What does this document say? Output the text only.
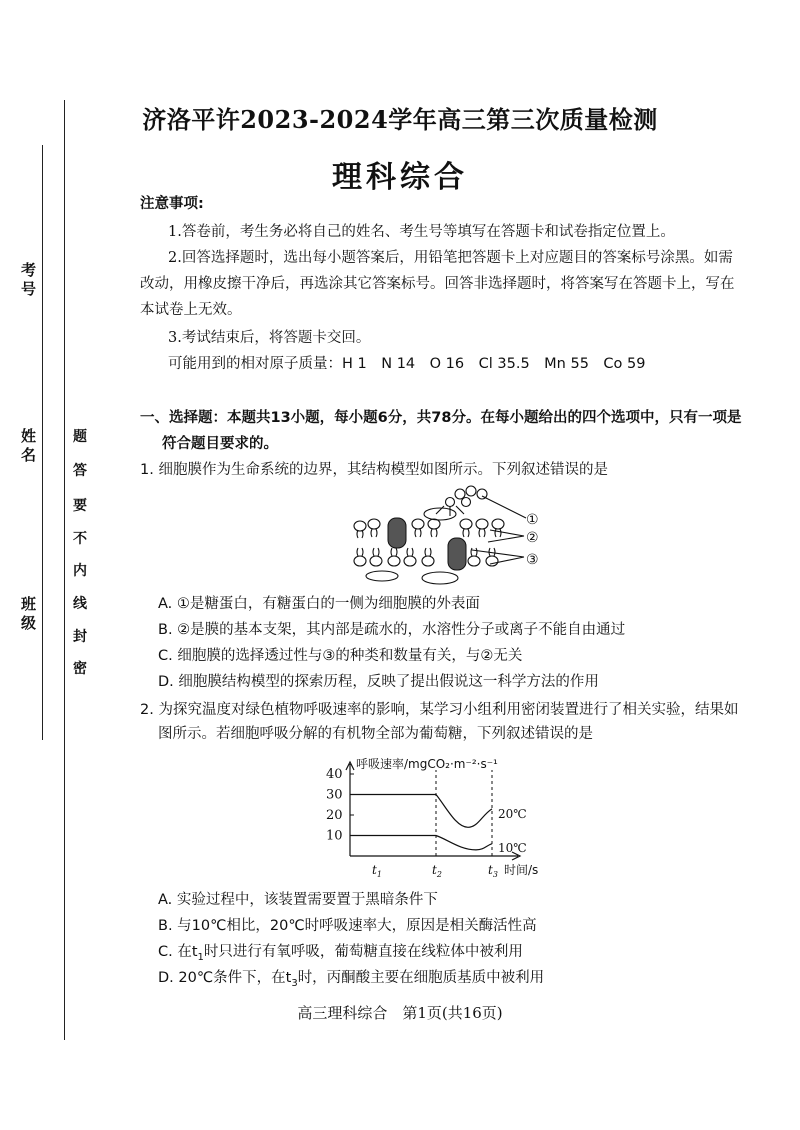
考号
姓名
班级
题
答
要
不
内
线
封
密
济洛平许2023-2024学年高三第三次质量检测
理科综合
注意事项:
1.答卷前，考生务必将自己的姓名、考生号等填写在答题卡和试卷指定位置上。
2.回答选择题时，选出每小题答案后，用铅笔把答题卡上对应题目的答案标号涂黑。如需
改动，用橡皮擦干净后，再选涂其它答案标号。回答非选择题时，将答案写在答题卡上，写在
本试卷上无效。
3.考试结束后，将答题卡交回。
可能用到的相对原子质量：H 1　N 14　O 16　Cl 35.5　Mn 55　Co 59
一、选择题：本题共13小题，每小题6分，共78分。在每小题给出的四个选项中，只有一项是
符合题目要求的。
1. 细胞膜作为生命系统的边界，其结构模型如图所示。下列叙述错误的是
①
②
③
A. ①是糖蛋白，有糖蛋白的一侧为细胞膜的外表面
B. ②是膜的基本支架，其内部是疏水的，水溶性分子或离子不能自由通过
C. 细胞膜的选择透过性与③的种类和数量有关，与②无关
D. 细胞膜结构模型的探索历程，反映了提出假说这一科学方法的作用
2. 为探究温度对绿色植物呼吸速率的影响，某学习小组利用密闭装置进行了相关实验，结果如
图所示。若细胞呼吸分解的有机物全部为葡萄糖，下列叙述错误的是
10
20
30
40
$t_1$	$t_2$	$t_3$
呼吸速率/mgCO₂·m⁻²·s⁻¹
时间/s
20℃
10℃
A. 实验过程中，该装置需要置于黑暗条件下
B. 与10℃相比，20℃时呼吸速率大，原因是相关酶活性高
C. 在$t_1$时只进行有氧呼吸，葡萄糖直接在线粒体中被利用
D. 20℃条件下，在$t_3$时，丙酮酸主要在细胞质基质中被利用
高三理科综合　第1页(共16页)
